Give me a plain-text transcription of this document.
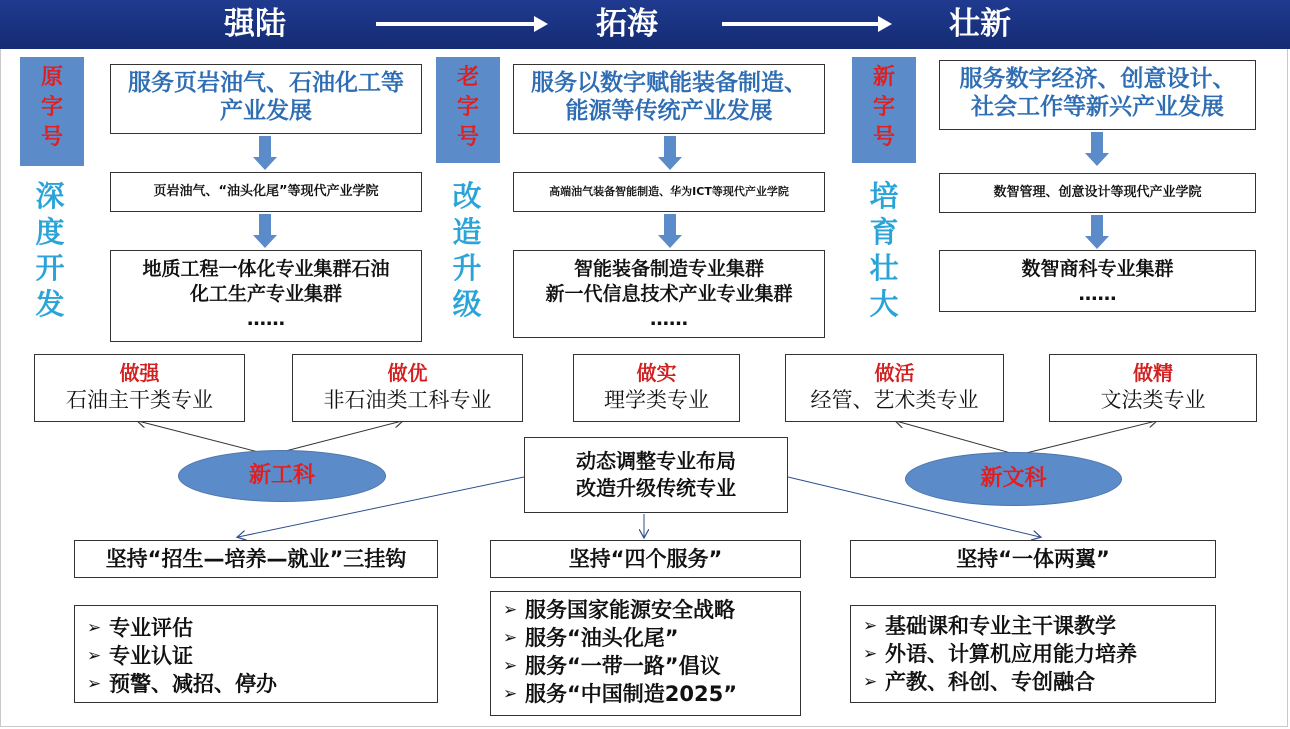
强陆	拓海	壮新
原
字
号
深
度
开
发
服务页岩油气、石油化工等
产业发展
页岩油气、“油头化尾”等现代产业学院
地质工程一体化专业集群石油
化工生产专业集群
……
老
字
号
改
造
升
级
服务以数字赋能装备制造、
能源等传统产业发展
高端油气装备智能制造、华为ICT等现代产业学院
智能装备制造专业集群
新一代信息技术产业专业集群
……
新
字
号
培
育
壮
大
服务数字经济、创意设计、
社会工作等新兴产业发展
数智管理、创意设计等现代产业学院
数智商科专业集群
……
做强
石油主干类专业
做优
非石油类工科专业
做实
理学类专业
做活
经管、艺术类专业
做精
文法类专业
新工科	新文科
动态调整专业布局
改造升级传统专业
坚持“招生—培养—就业”三挂钩	坚持“四个服务”	坚持“一体两翼”
➢ 专业评估
➢ 专业认证
➢ 预警、减招、停办
➢ 服务国家能源安全战略
➢ 服务“油头化尾”
➢ 服务“一带一路”倡议
➢ 服务“中国制造2025”
➢ 基础课和专业主干课教学
➢ 外语、计算机应用能力培养
➢ 产教、科创、专创融合
